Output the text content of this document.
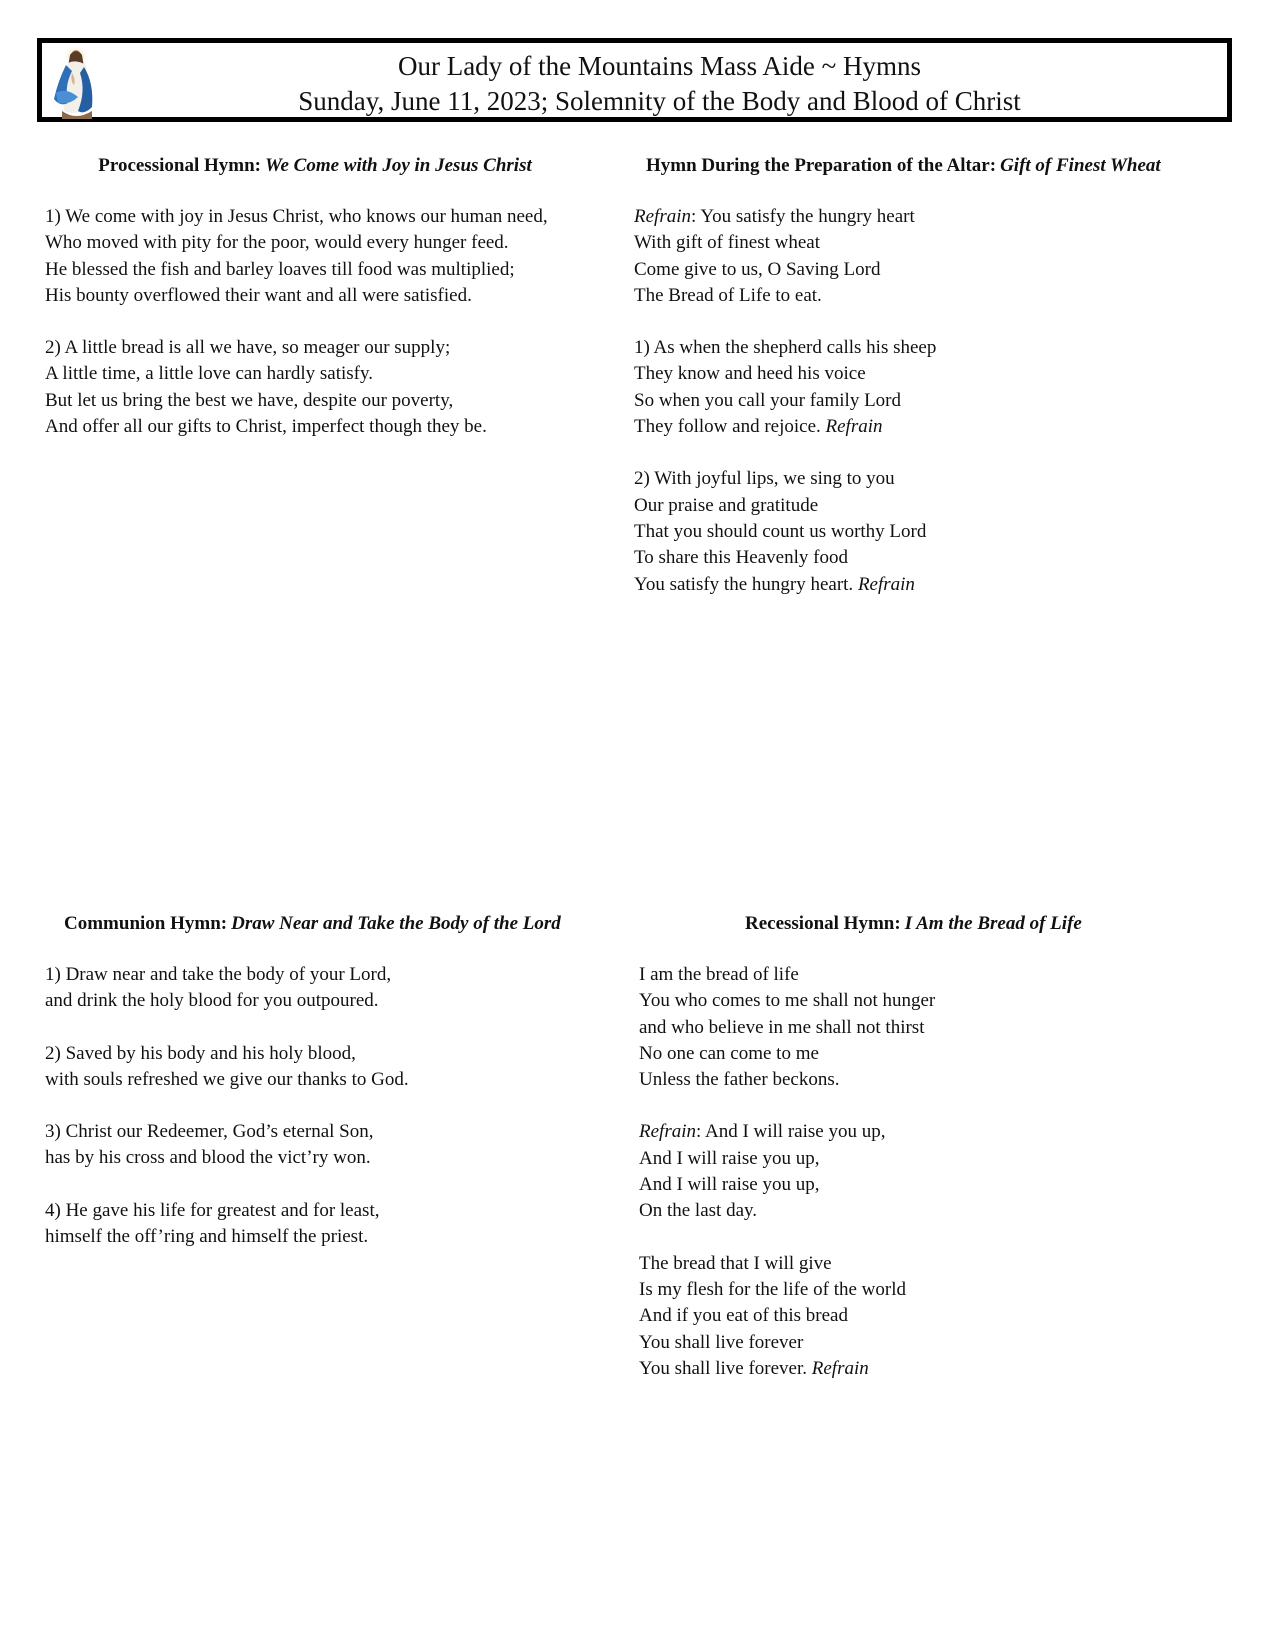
Our Lady of the Mountains Mass Aide ~ Hymns
Sunday, June 11, 2023; Solemnity of the Body and Blood of Christ
Processional Hymn: We Come with Joy in Jesus Christ
1) We come with joy in Jesus Christ, who knows our human need,
Who moved with pity for the poor, would every hunger feed.
He blessed the fish and barley loaves till food was multiplied;
His bounty overflowed their want and all were satisfied.
2) A little bread is all we have, so meager our supply;
A little time, a little love can hardly satisfy.
But let us bring the best we have, despite our poverty,
And offer all our gifts to Christ, imperfect though they be.
Hymn During the Preparation of the Altar: Gift of Finest Wheat
Refrain: You satisfy the hungry heart
With gift of finest wheat
Come give to us, O Saving Lord
The Bread of Life to eat.
1) As when the shepherd calls his sheep
They know and heed his voice
So when you call your family Lord
They follow and rejoice. Refrain
2) With joyful lips, we sing to you
Our praise and gratitude
That you should count us worthy Lord
To share this Heavenly food
You satisfy the hungry heart. Refrain
Communion Hymn: Draw Near and Take the Body of the Lord
1) Draw near and take the body of your Lord,
and drink the holy blood for you outpoured.
2) Saved by his body and his holy blood,
with souls refreshed we give our thanks to God.
3) Christ our Redeemer, God’s eternal Son,
has by his cross and blood the vict’ry won.
4) He gave his life for greatest and for least,
himself the off’ring and himself the priest.
Recessional Hymn: I Am the Bread of Life
I am the bread of life
You who comes to me shall not hunger
and who believe in me shall not thirst
No one can come to me
Unless the father beckons.
Refrain: And I will raise you up,
And I will raise you up,
And I will raise you up,
On the last day.
The bread that I will give
Is my flesh for the life of the world
And if you eat of this bread
You shall live forever
You shall live forever. Refrain
